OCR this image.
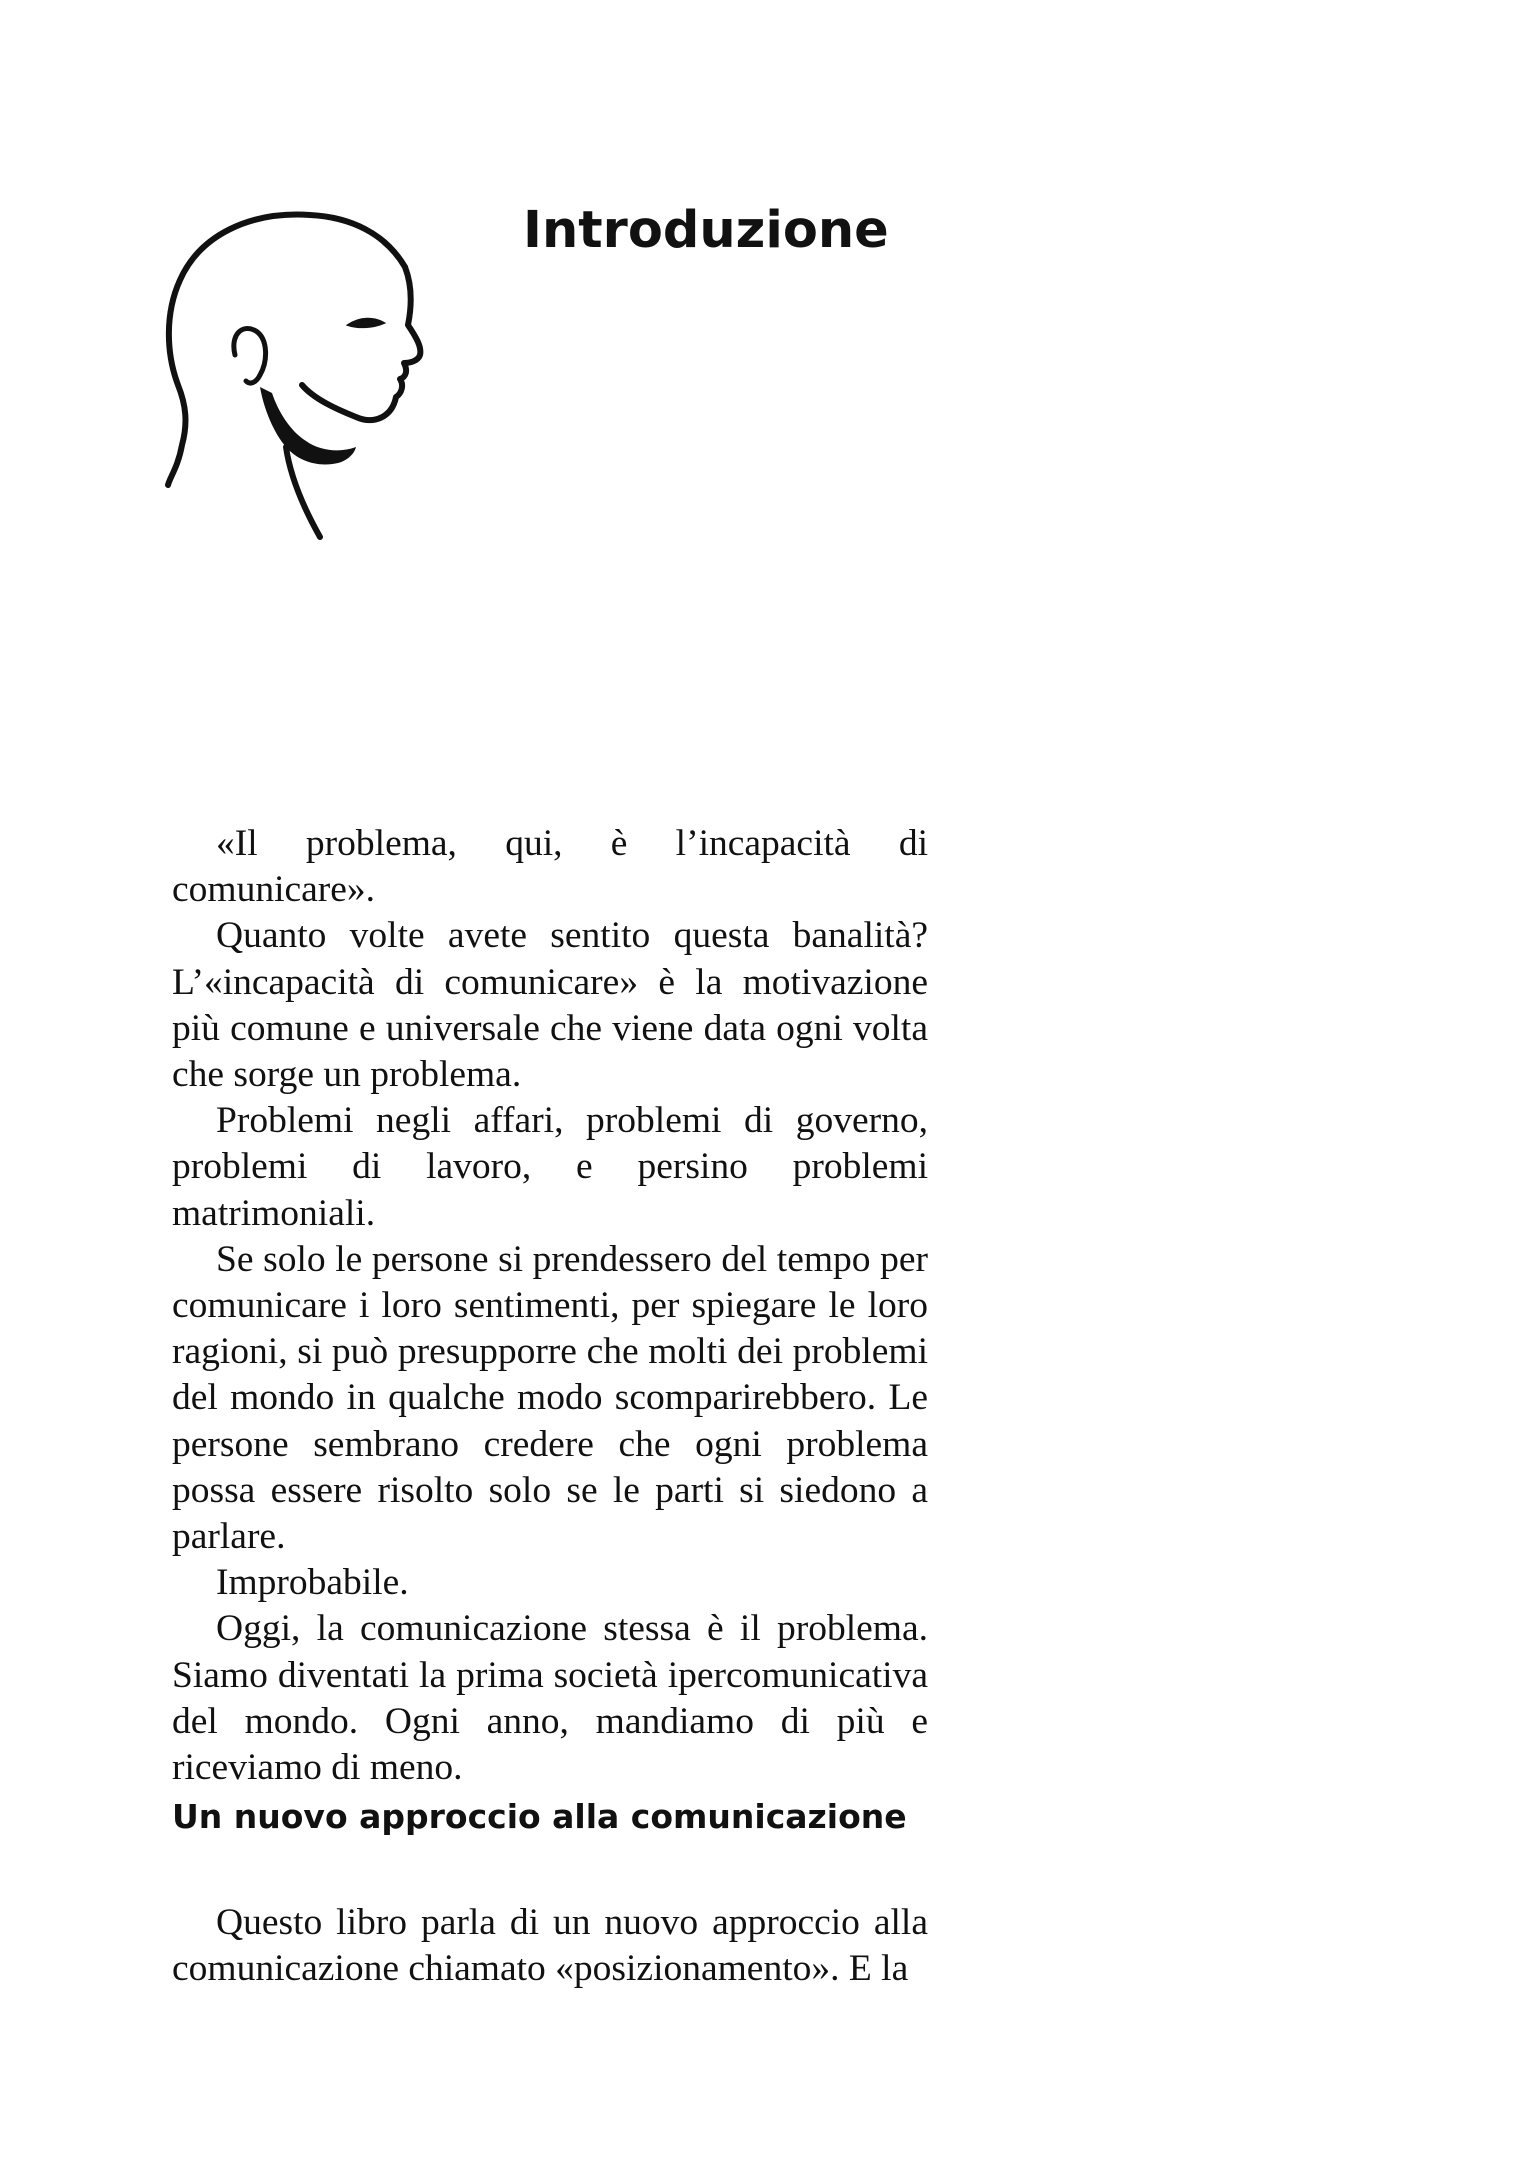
Introduzione

«Il problema, qui, è l’incapacità di comunicare».

Quanto volte avete sentito questa banalità? L’«incapacità di comunicare» è la motivazione più comune e universale che viene data ogni volta che sorge un problema.

Problemi negli affari, problemi di governo, problemi di lavoro, e persino problemi matrimoniali.

Se solo le persone si prendessero del tempo per comunicare i loro sentimenti, per spiegare le loro ragioni, si può presupporre che molti dei problemi del mondo in qualche modo scomparirebbero. Le persone sembrano credere che ogni problema possa essere risolto solo se le parti si siedono a parlare.

Improbabile.

Oggi, la comunicazione stessa è il problema. Siamo diventati la prima società ipercomunicativa del mondo. Ogni anno, mandiamo di più e riceviamo di meno.

Un nuovo approccio alla comunicazione

Questo libro parla di un nuovo approccio alla comunicazione chiamato «posizionamento». E la
